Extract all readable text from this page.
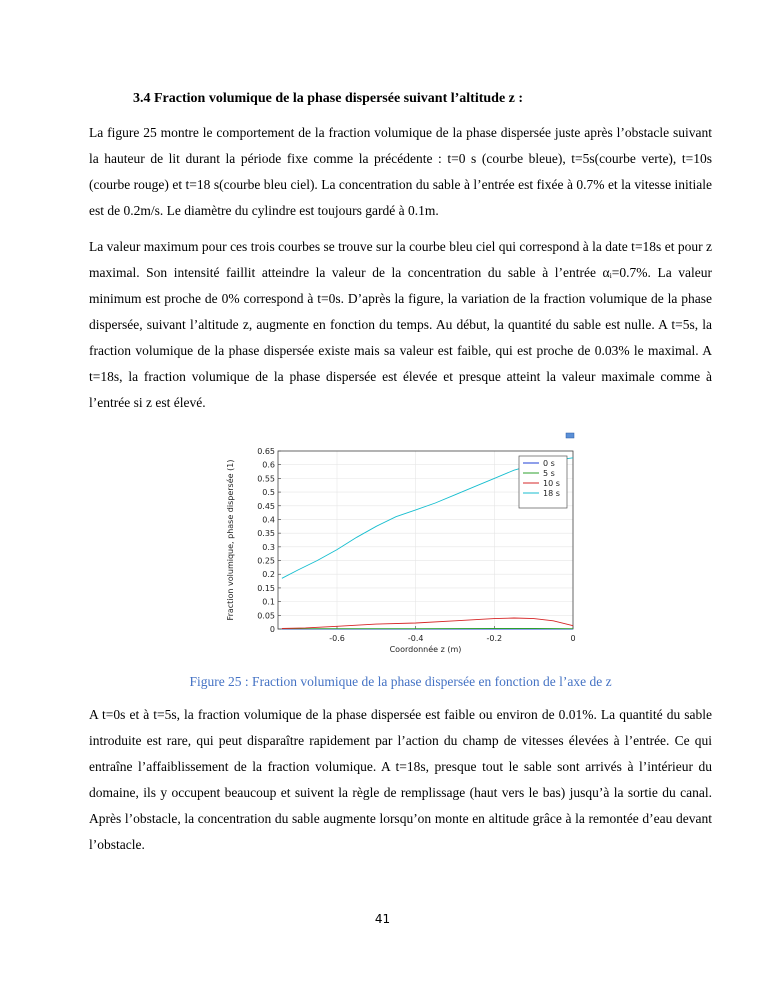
3.4 Fraction volumique de la phase dispersée suivant l’altitude z :

La figure 25 montre le comportement de la fraction volumique de la phase dispersée juste après l’obstacle suivant la hauteur de lit durant la période fixe comme la précédente : t=0 s (courbe bleue), t=5s(courbe verte), t=10s (courbe rouge) et t=18 s(courbe bleu ciel). La concentration du sable à l’entrée est fixée à 0.7% et la vitesse initiale est de 0.2m/s. Le diamètre du cylindre est toujours gardé à 0.1m.

La valeur maximum pour ces trois courbes se trouve sur la courbe bleu ciel qui correspond à la date t=18s et pour z maximal. Son intensité faillit atteindre la valeur de la concentration du sable à l’entrée αᵢ=0.7%. La valeur minimum est proche de 0% correspond à t=0s. D’après la figure, la variation de la fraction volumique de la phase dispersée, suivant l’altitude z, augmente en fonction du temps. Au début, la quantité du sable est nulle. A t=5s, la fraction volumique de la phase dispersée existe mais sa valeur est faible, qui est proche de 0.03% le maximal. A t=18s, la fraction volumique de la phase dispersée est élevée et presque atteint la valeur maximale comme à l’entrée si z est élevé.

0
0.05
0.1
0.15
0.2
0.25
0.3
0.35
0.4
0.45
0.5
0.55
0.6
0.65
-0.6	-0.4	-0.2	0
Coordonnée z (m)
Fraction volumique, phase dispersée (1)	0 s
5 s
10 s
18 s

Figure 25 : Fraction volumique de la phase dispersée en fonction de l’axe de z

A t=0s et à t=5s, la fraction volumique de la phase dispersée est faible ou environ de 0.01%. La quantité du sable introduite est rare, qui peut disparaître rapidement par l’action du champ de vitesses élevées à l’entrée. Ce qui entraîne l’affaiblissement de la fraction volumique. A t=18s, presque tout le sable sont arrivés à l’intérieur du domaine, ils y occupent beaucoup et suivent la règle de remplissage (haut vers le bas) jusqu’à la sortie du canal. Après l’obstacle, la concentration du sable augmente lorsqu’on monte en altitude grâce à la remontée d’eau devant l’obstacle.

41
